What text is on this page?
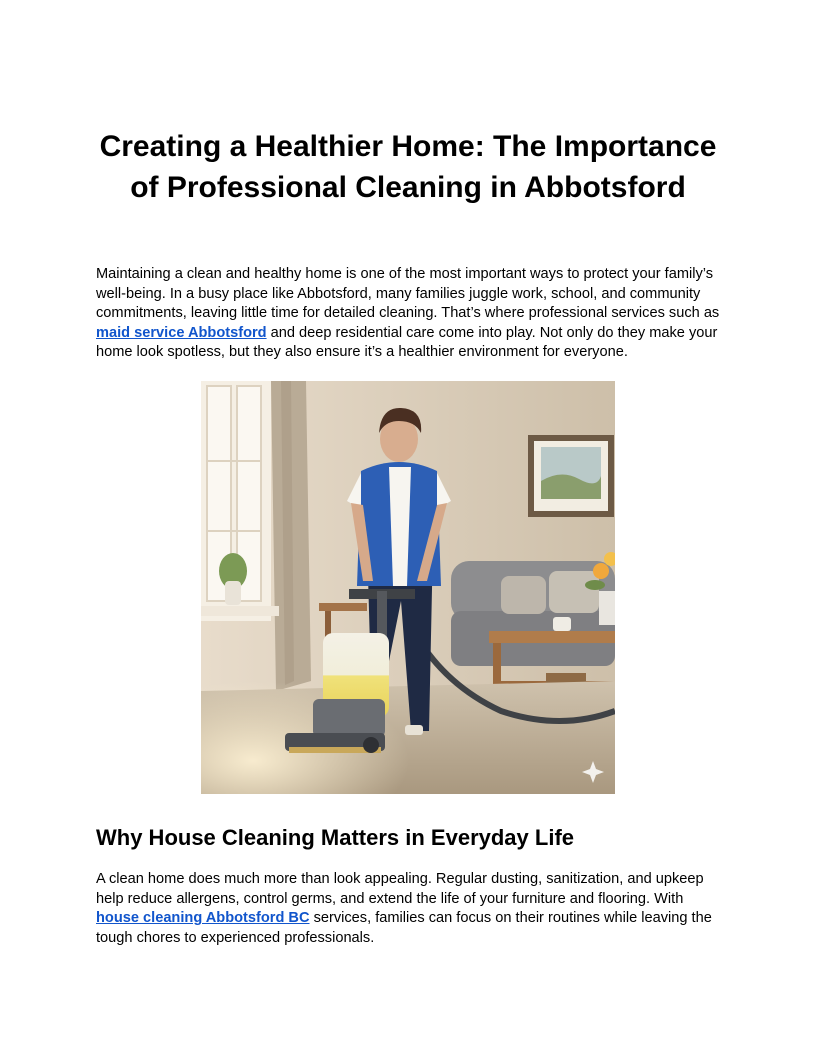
Creating a Healthier Home: The Importance of Professional Cleaning in Abbotsford

Maintaining a clean and healthy home is one of the most important ways to protect your family’s well-being. In a busy place like Abbotsford, many families juggle work, school, and community commitments, leaving little time for detailed cleaning. That’s where professional services such as maid service Abbotsford and deep residential care come into play. Not only do they make your home look spotless, but they also ensure it’s a healthier environment for everyone.

Why House Cleaning Matters in Everyday Life

A clean home does much more than look appealing. Regular dusting, sanitization, and upkeep help reduce allergens, control germs, and extend the life of your furniture and flooring. With house cleaning Abbotsford BC services, families can focus on their routines while leaving the tough chores to experienced professionals.
